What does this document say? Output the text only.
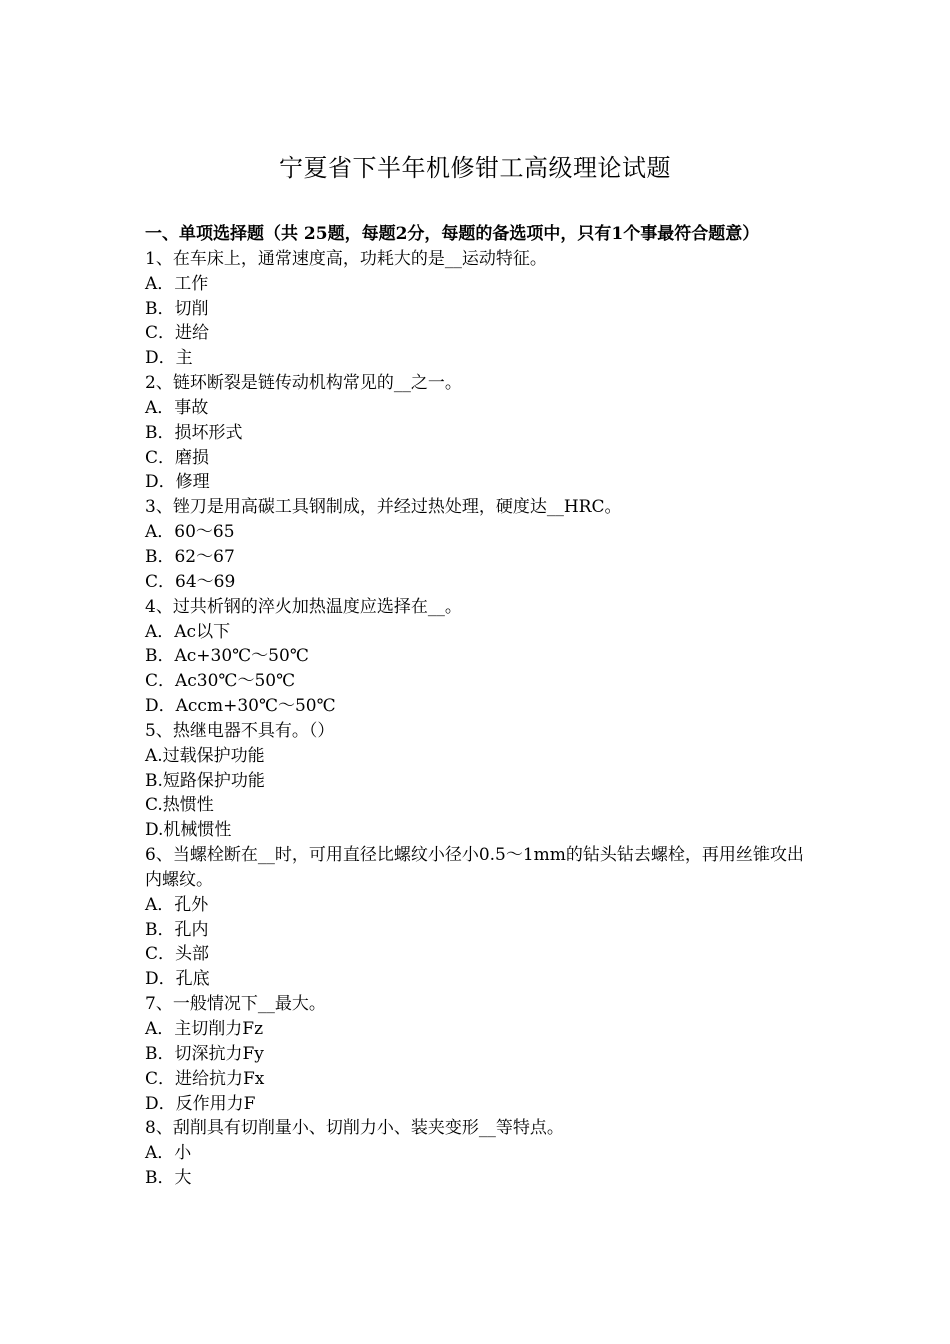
宁夏省下半年机修钳工高级理论试题

一、单项选择题（共 25题，每题2分，每题的备选项中，只有1个事最符合题意）

1、在车床上，通常速度高，功耗大的是__运动特征。

A．工作

B．切削

C．进给

D．主

2、链环断裂是链传动机构常见的__之一。

A．事故

B．损坏形式

C．磨损

D．修理

3、锉刀是用高碳工具钢制成，并经过热处理，硬度达__HRC。

A．60～65

B．62～67

C．64～69

4、过共析钢的淬火加热温度应选择在__。

A．Ac以下

B．Ac+30℃～50℃

C．Ac30℃～50℃

D．Accm+30℃～50℃

5、热继电器不具有。（）

A.过载保护功能

B.短路保护功能

C.热惯性

D.机械惯性

6、当螺栓断在__时，可用直径比螺纹小径小0.5～1mm的钻头钻去螺栓，再用丝锥攻出内螺纹。

A．孔外

B．孔内

C．头部

D．孔底

7、一般情况下__最大。

A．主切削力Fz

B．切深抗力Fy

C．进给抗力Fx

D．反作用力F

8、刮削具有切削量小、切削力小、装夹变形__等特点。

A．小

B．大
